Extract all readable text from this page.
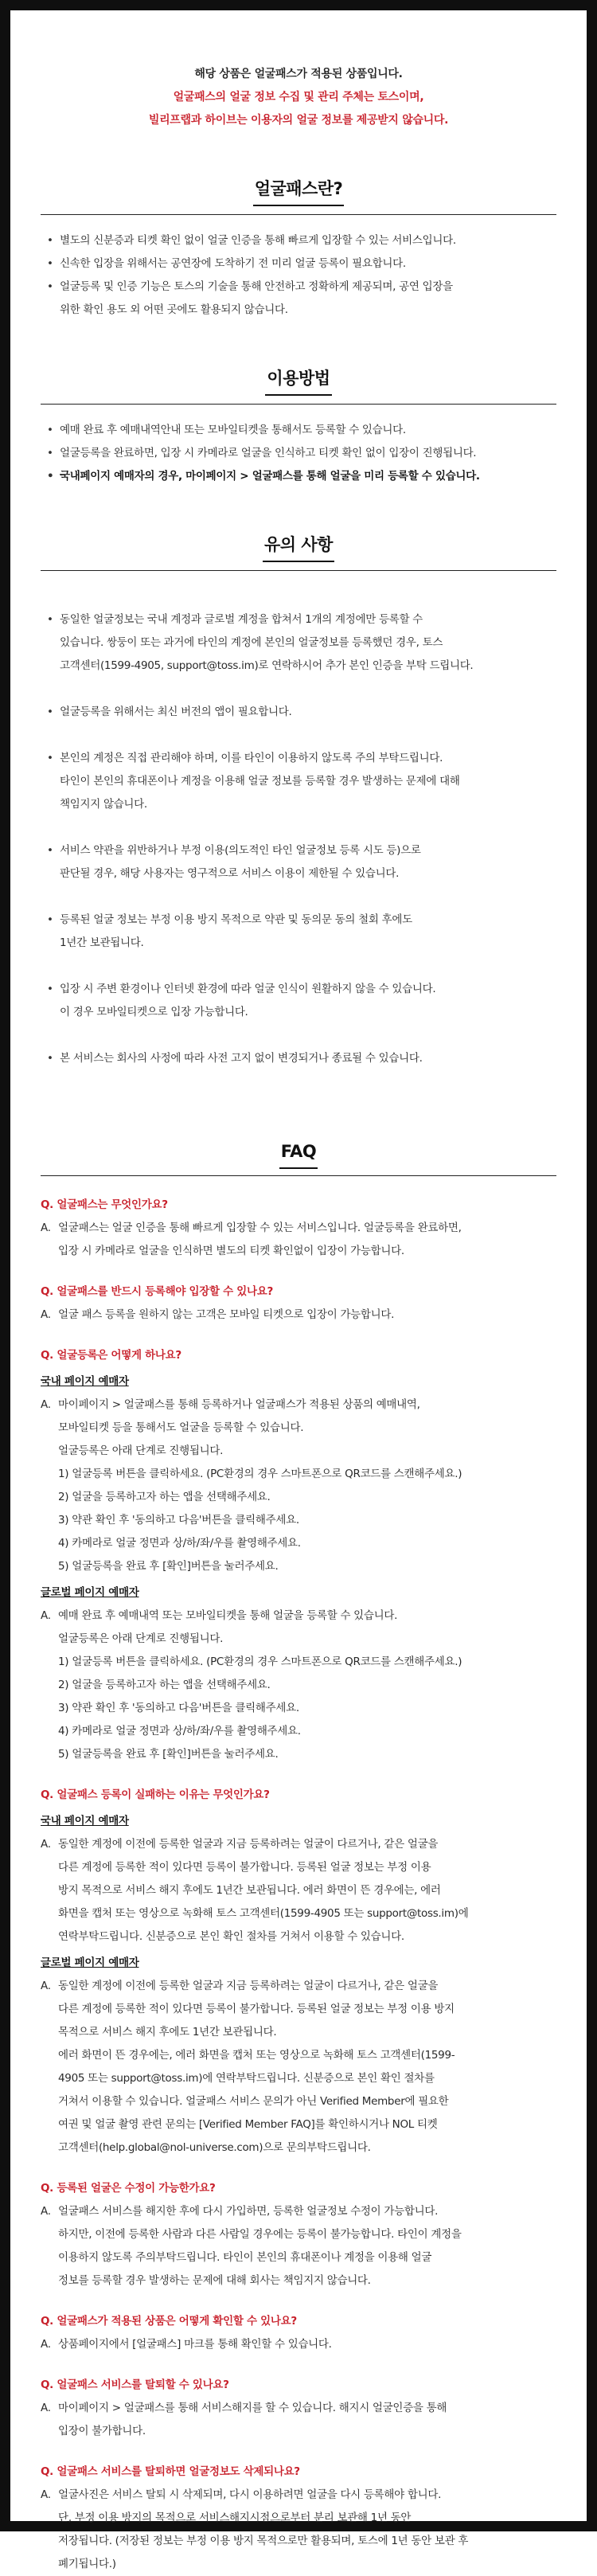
해당 상품은 얼굴패스가 적용된 상품입니다.
얼굴패스의 얼굴 정보 수집 및 관리 주체는 토스이며,
빌리프랩과 하이브는 이용자의 얼굴 정보를 제공받지 않습니다.
얼굴패스란?
• 별도의 신분증과 티켓 확인 없이 얼굴 인증을 통해 빠르게 입장할 수 있는 서비스입니다.
• 신속한 입장을 위해서는 공연장에 도착하기 전 미리 얼굴 등록이 필요합니다.
• 얼굴등록 및 인증 기능은 토스의 기술을 통해 안전하고 정확하게 제공되며, 공연 입장을
위한 확인 용도 외 어떤 곳에도 활용되지 않습니다.
이용방법
• 예매 완료 후 예매내역안내 또는 모바일티켓을 통해서도 등록할 수 있습니다.
• 얼굴등록을 완료하면, 입장 시 카메라로 얼굴을 인식하고 티켓 확인 없이 입장이 진행됩니다.
• 국내페이지 예매자의 경우, 마이페이지 > 얼굴패스를 통해 얼굴을 미리 등록할 수 있습니다.
유의 사항

• 동일한 얼굴정보는 국내 계정과 글로벌 계정을 합쳐서 1개의 계정에만 등록할 수
있습니다. 쌍둥이 또는 과거에 타인의 계정에 본인의 얼굴정보를 등록했던 경우, 토스
고객센터(1599-4905, support@toss.im)로 연락하시어 추가 본인 인증을 부탁 드립니다.

• 얼굴등록을 위해서는 최신 버전의 앱이 필요합니다.

• 본인의 계정은 직접 관리해야 하며, 이를 타인이 이용하지 않도록 주의 부탁드립니다.
타인이 본인의 휴대폰이나 계정을 이용해 얼굴 정보를 등록할 경우 발생하는 문제에 대해
책임지지 않습니다.

• 서비스 약관을 위반하거나 부정 이용(의도적인 타인 얼굴정보 등록 시도 등)으로
판단될 경우, 해당 사용자는 영구적으로 서비스 이용이 제한될 수 있습니다.

• 등록된 얼굴 정보는 부정 이용 방지 목적으로 약관 및 동의문 동의 철회 후에도
1년간 보관됩니다.

• 입장 시 주변 환경이나 인터넷 환경에 따라 얼굴 인식이 원활하지 않을 수 있습니다.
이 경우 모바일티켓으로 입장 가능합니다.

• 본 서비스는 회사의 사정에 따라 사전 고지 없이 변경되거나 종료될 수 있습니다.

FAQ
Q. 얼굴패스는 무엇인가요?
A. 얼굴패스는 얼굴 인증을 통해 빠르게 입장할 수 있는 서비스입니다. 얼굴등록을 완료하면,
입장 시 카메라로 얼굴을 인식하면 별도의 티켓 확인없이 입장이 가능합니다.
Q. 얼굴패스를 반드시 등록해야 입장할 수 있나요?
A. 얼굴 패스 등록을 원하지 않는 고객은 모바일 티켓으로 입장이 가능합니다.
Q. 얼굴등록은 어떻게 하나요?
국내 페이지 예매자
A. 마이페이지 > 얼굴패스를 통해 등록하거나 얼굴패스가 적용된 상품의 예매내역,
모바일티켓 등을 통해서도 얼굴을 등록할 수 있습니다.
얼굴등록은 아래 단계로 진행됩니다.
1) 얼굴등록 버튼을 클릭하세요. (PC환경의 경우 스마트폰으로 QR코드를 스캔해주세요.)
2) 얼굴을 등록하고자 하는 앱을 선택해주세요.
3) 약관 확인 후 '동의하고 다음'버튼을 클릭해주세요.
4) 카메라로 얼굴 정면과 상/하/좌/우를 촬영해주세요.
5) 얼굴등록을 완료 후 [확인]버튼을 눌러주세요.
글로벌 페이지 예매자
A. 예매 완료 후 예매내역 또는 모바일티켓을 통해 얼굴을 등록할 수 있습니다.
얼굴등록은 아래 단계로 진행됩니다.
1) 얼굴등록 버튼을 클릭하세요. (PC환경의 경우 스마트폰으로 QR코드를 스캔해주세요.)
2) 얼굴을 등록하고자 하는 앱을 선택해주세요.
3) 약관 확인 후 '동의하고 다음'버튼을 클릭해주세요.
4) 카메라로 얼굴 정면과 상/하/좌/우를 촬영해주세요.
5) 얼굴등록을 완료 후 [확인]버튼을 눌러주세요.
Q. 얼굴패스 등록이 실패하는 이유는 무엇인가요?
국내 페이지 예매자
A. 동일한 계정에 이전에 등록한 얼굴과 지금 등록하려는 얼굴이 다르거나, 같은 얼굴을
다른 계정에 등록한 적이 있다면 등록이 불가합니다. 등록된 얼굴 정보는 부정 이용
방지 목적으로 서비스 해지 후에도 1년간 보관됩니다. 에러 화면이 뜬 경우에는, 에러
화면을 캡처 또는 영상으로 녹화해 토스 고객센터(1599-4905 또는 support@toss.im)에
연락부탁드립니다. 신분증으로 본인 확인 절차를 거쳐서 이용할 수 있습니다.
글로벌 페이지 예매자
A. 동일한 계정에 이전에 등록한 얼굴과 지금 등록하려는 얼굴이 다르거나, 같은 얼굴을
다른 계정에 등록한 적이 있다면 등록이 불가합니다. 등록된 얼굴 정보는 부정 이용 방지
목적으로 서비스 해지 후에도 1년간 보관됩니다.
에러 화면이 뜬 경우에는, 에러 화면을 캡처 또는 영상으로 녹화해 토스 고객센터(1599-
4905 또는 support@toss.im)에 연락부탁드립니다. 신분증으로 본인 확인 절차를
거쳐서 이용할 수 있습니다. 얼굴패스 서비스 문의가 아닌 Verified Member에 필요한
여권 및 얼굴 촬영 관련 문의는 [Verified Member FAQ]를 확인하시거나 NOL 티켓
고객센터(help.global@nol-universe.com)으로 문의부탁드립니다.
Q. 등록된 얼굴은 수정이 가능한가요?
A. 얼굴패스 서비스를 해지한 후에 다시 가입하면, 등록한 얼굴정보 수정이 가능합니다.
하지만, 이전에 등록한 사람과 다른 사람일 경우에는 등록이 불가능합니다. 타인이 계정을
이용하지 않도록 주의부탁드립니다. 타인이 본인의 휴대폰이나 계정을 이용해 얼굴
정보를 등록할 경우 발생하는 문제에 대해 회사는 책임지지 않습니다.
Q. 얼굴패스가 적용된 상품은 어떻게 확인할 수 있나요?
A. 상품페이지에서 [얼굴패스] 마크를 통해 확인할 수 있습니다.
Q. 얼굴패스 서비스를 탈퇴할 수 있나요?
A. 마이페이지 > 얼굴패스를 통해 서비스해지를 할 수 있습니다. 해지시 얼굴인증을 통해
입장이 불가합니다.
Q. 얼굴패스 서비스를 탈퇴하면 얼굴정보도 삭제되나요?
A. 얼굴사진은 서비스 탈퇴 시 삭제되며, 다시 이용하려면 얼굴을 다시 등록해야 합니다.
단, 부정 이용 방지의 목적으로 서비스해지시점으로부터 분리 보관해 1년 동안
저장됩니다. (저장된 정보는 부정 이용 방지 목적으로만 활용되며, 토스에 1년 동안 보관 후
폐기됩니다.)
